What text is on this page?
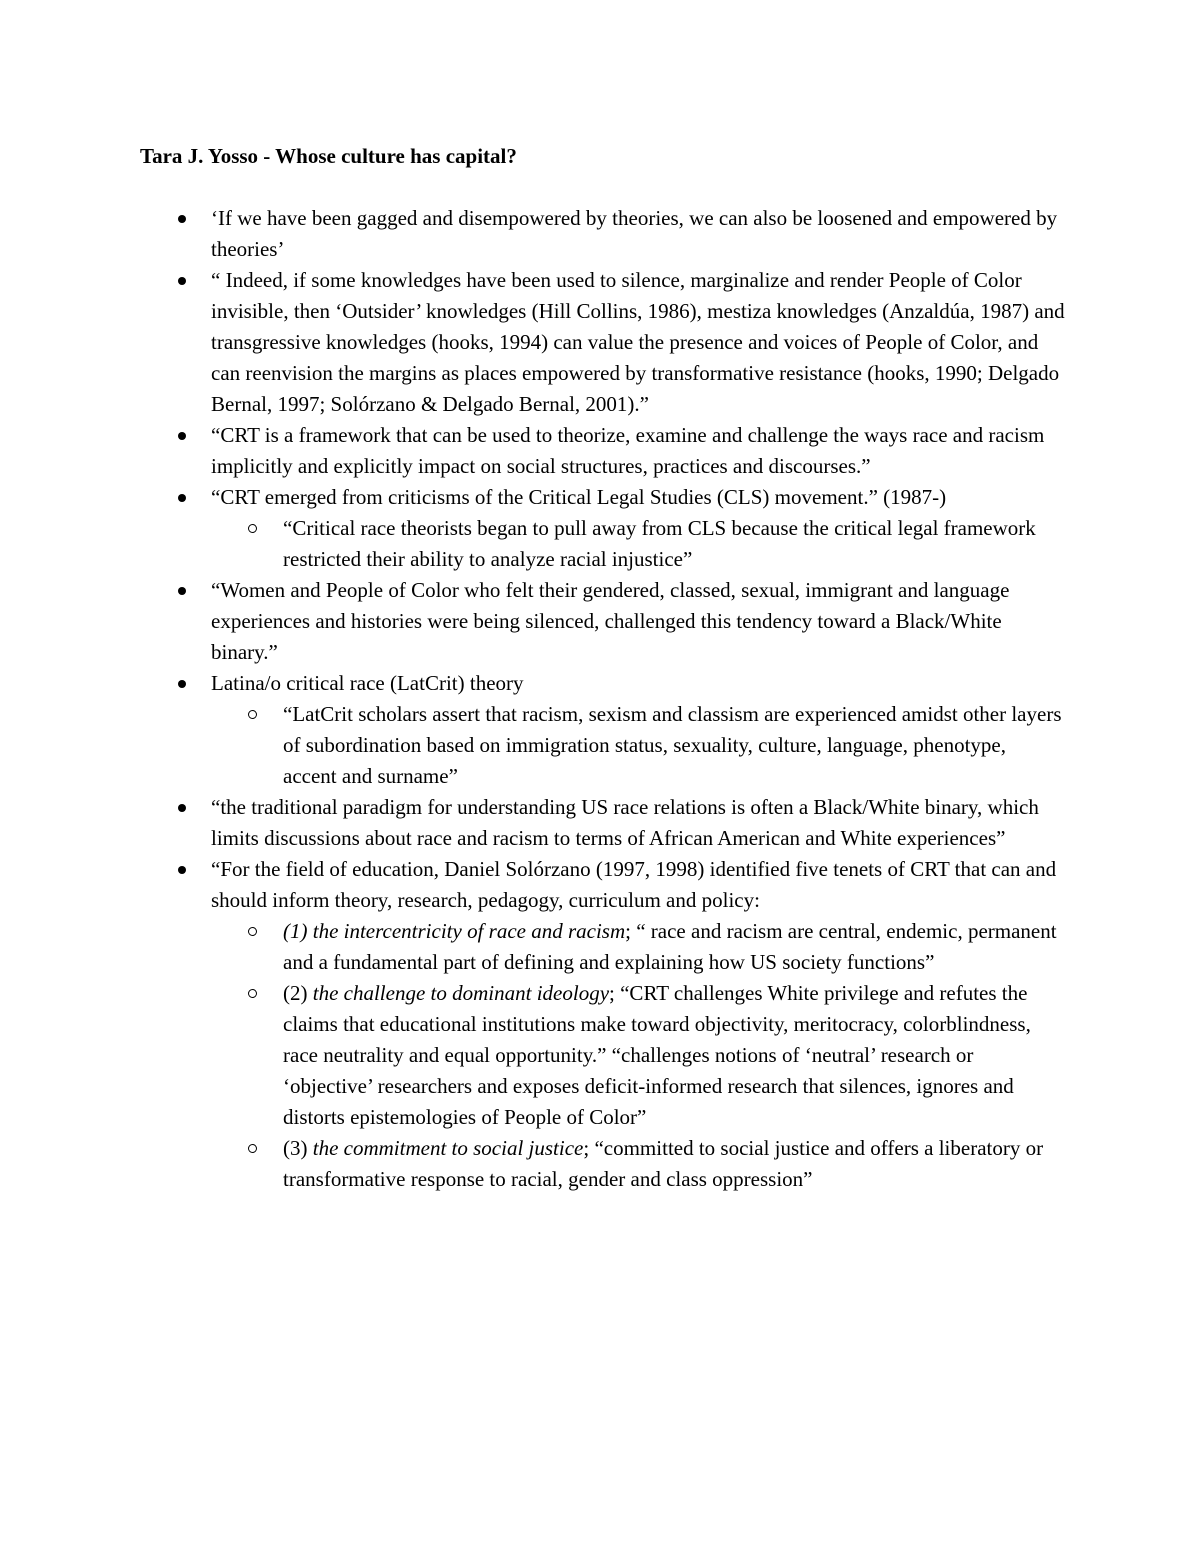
Tara J. Yosso - Whose culture has capital?
‘If we have been gagged and disempowered by theories, we can also be loosened and empowered by theories’
“ Indeed, if some knowledges have been used to silence, marginalize and render People of Color invisible, then ‘Outsider’ knowledges (Hill Collins, 1986), mestiza knowledges (Anzaldúa, 1987) and transgressive knowledges (hooks, 1994) can value the presence and voices of People of Color, and can reenvision the margins as places empowered by transformative resistance (hooks, 1990; Delgado Bernal, 1997; Solórzano & Delgado Bernal, 2001).”
“CRT is a framework that can be used to theorize, examine and challenge the ways race and racism implicitly and explicitly impact on social structures, practices and discourses.”
“CRT emerged from criticisms of the Critical Legal Studies (CLS) movement.” (1987-)
“Critical race theorists began to pull away from CLS because the critical legal framework restricted their ability to analyze racial injustice”
“Women and People of Color who felt their gendered, classed, sexual, immigrant and language experiences and histories were being silenced, challenged this tendency toward a Black/White binary.”
Latina/o critical race (LatCrit) theory
“LatCrit scholars assert that racism, sexism and classism are experienced amidst other layers of subordination based on immigration status, sexuality, culture, language, phenotype, accent and surname”
“the traditional paradigm for understanding US race relations is often a Black/White binary, which limits discussions about race and racism to terms of African American and White experiences”
“For the field of education, Daniel Solórzano (1997, 1998) identified five tenets of CRT that can and should inform theory, research, pedagogy, curriculum and policy:
(1) the intercentricity of race and racism; “ race and racism are central, endemic, permanent and a fundamental part of defining and explaining how US society functions”
(2) the challenge to dominant ideology; “CRT challenges White privilege and refutes the claims that educational institutions make toward objectivity, meritocracy, colorblindness, race neutrality and equal opportunity.” “challenges notions of ‘neutral’ research or ‘objective’ researchers and exposes deficit-informed research that silences, ignores and distorts epistemologies of People of Color”
(3) the commitment to social justice; “committed to social justice and offers a liberatory or transformative response to racial, gender and class oppression”
